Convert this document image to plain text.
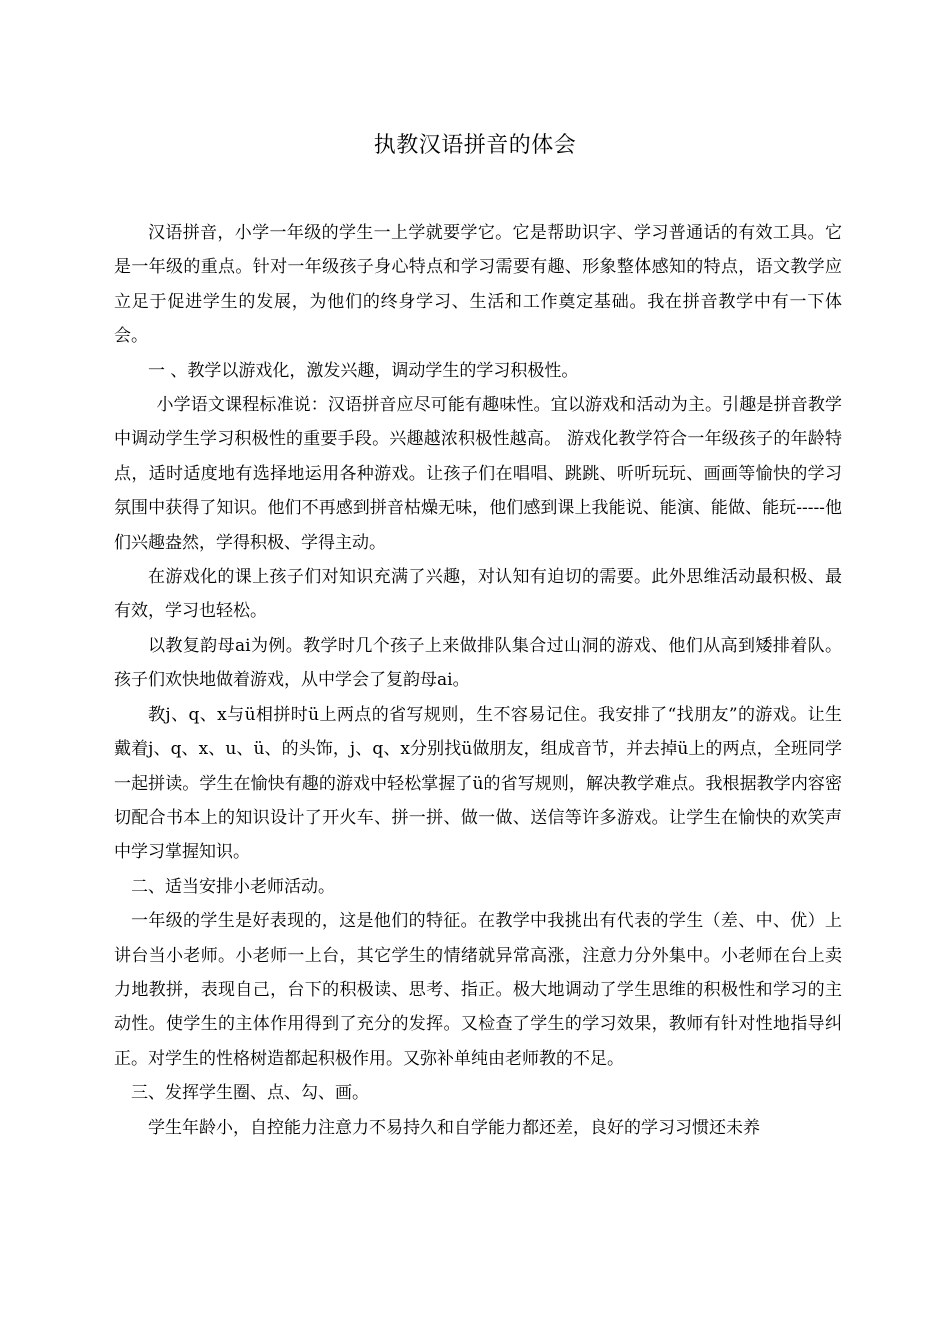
执教汉语拼音的体会

汉语拼音，小学一年级的学生一上学就要学它。它是帮助识字、学习普通话的有效工具。它是一年级的重点。针对一年级孩子身心特点和学习需要有趣、形象整体感知的特点，语文教学应立足于促进学生的发展，为他们的终身学习、生活和工作奠定基础。我在拼音教学中有一下体会。

一 、教学以游戏化，激发兴趣，调动学生的学习积极性。

小学语文课程标准说：汉语拼音应尽可能有趣味性。宜以游戏和活动为主。引趣是拼音教学中调动学生学习积极性的重要手段。兴趣越浓积极性越高。 游戏化教学符合一年级孩子的年龄特点，适时适度地有选择地运用各种游戏。让孩子们在唱唱、跳跳、听听玩玩、画画等愉快的学习氛围中获得了知识。他们不再感到拼音枯燥无味，他们感到课上我能说、能演、能做、能玩-----他们兴趣盎然，学得积极、学得主动。

在游戏化的课上孩子们对知识充满了兴趣，对认知有迫切的需要。此外思维活动最积极、最有效，学习也轻松。

以教复韵母ai为例。教学时几个孩子上来做排队集合过山洞的游戏、他们从高到矮排着队。孩子们欢快地做着游戏，从中学会了复韵母ai。

教j、q、x与ü相拼时ü上两点的省写规则，生不容易记住。我安排了“找朋友”的游戏。让生戴着j、q、x、u、ü、的头饰，j、q、x分别找ü做朋友，组成音节，并去掉ü上的两点，全班同学一起拼读。学生在愉快有趣的游戏中轻松掌握了ü的省写规则，解决教学难点。我根据教学内容密切配合书本上的知识设计了开火车、拼一拼、做一做、送信等许多游戏。让学生在愉快的欢笑声中学习掌握知识。

二、适当安排小老师活动。

一年级的学生是好表现的，这是他们的特征。在教学中我挑出有代表的学生（差、中、优）上讲台当小老师。小老师一上台，其它学生的情绪就异常高涨，注意力分外集中。小老师在台上卖力地教拼，表现自己，台下的积极读、思考、指正。极大地调动了学生思维的积极性和学习的主动性。使学生的主体作用得到了充分的发挥。又检查了学生的学习效果，教师有针对性地指导纠正。对学生的性格树造都起积极作用。又弥补单纯由老师教的不足。

三、发挥学生圈、点、勾、画。

学生年龄小，自控能力注意力不易持久和自学能力都还差，良好的学习习惯还未养
